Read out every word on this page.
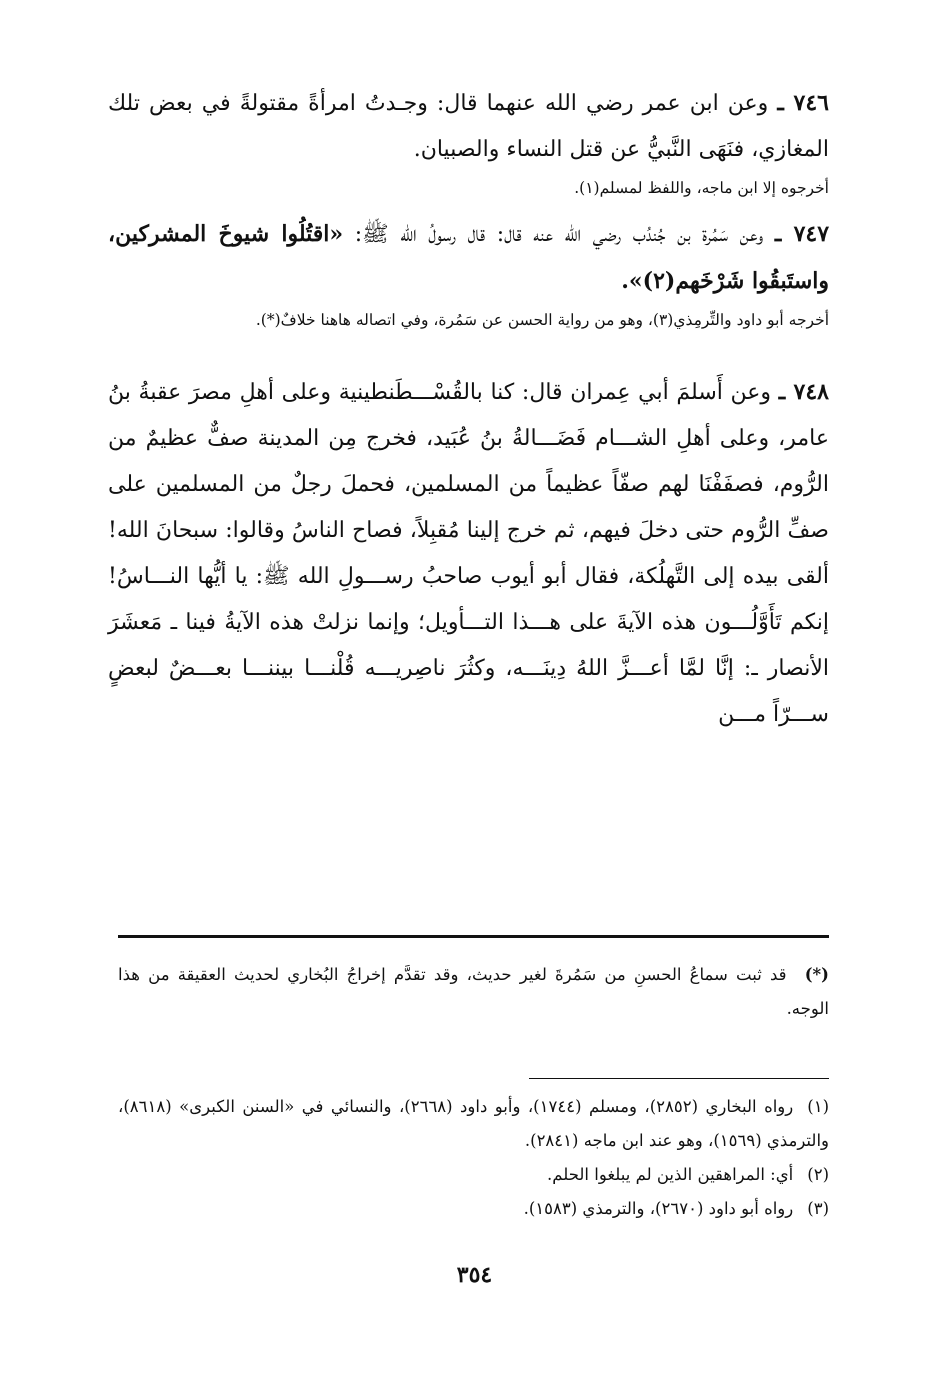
٧٤٦ ـ وعن ابن عمر رضي الله عنهما قال: وجـدتُ امرأةً مقتولةً في بعض تلك المغازي، فنَهَى النَّبيُّ عن قتل النساء والصبيان.

أخرجوه إلا ابن ماجه، واللفظ لمسلم(١).

٧٤٧ ـ وعن سَمُرة بن جُندُب رضي الله عنه قال: قال رسولُ الله ﷺ: «اقتُلُوا شيوخَ المشركين، واستَبقُوا شَرْخَهم(٢)».

أخرجه أبو داود والتِّرمِذي(٣)، وهو من رواية الحسن عن سَمُرة، وفي اتصاله هاهنا خلافٌ(*).

٧٤٨ ـ وعن أَسلمَ أبي عِمران قال: كنا بالقُسْـــطَنطينية وعلى أهلِ مصرَ عقبةُ بنُ عامر، وعلى أهلِ الشـــام فَضَـــالةُ بنُ عُبَيد، فخرج مِن المدينة صفٌّ عظيمٌ من الرُّوم، فصفَفْنَا لهم صفّاً عظيماً من المسلمين، فحملَ رجلٌ من المسلمين على صفِّ الرُّوم حتى دخلَ فيهم، ثم خرج إلينا مُقبِلاً، فصاح الناسُ وقالوا: سبحانَ الله! ألقى بيده إلى التَّهلُكة، فقال أبو أيوب صاحبُ رســـولِ الله ﷺ: يا أيُّها النـــاسُ! إنكم تَأَوَّلُـــون هذه الآيةَ على هـــذا التـــأويل؛ وإنما نزلتْ هذه الآيةُ فينا ـ مَعشَرَ الأنصار ـ: إنَّا لمَّا أعـــزَّ اللهُ دِينَـــه، وكثُرَ ناصِريـــه قُلْنـــا بيننـــا بعـــضٌ لبعضٍ ســـرّاً مـــن

(*) قد ثبت سماعُ الحسنِ من سَمُرةَ لغير حديث، وقد تقدَّم إخراجُ البُخاري لحديث العقيقة من هذا الوجه.

(١)رواه البخاري (٢٨٥٢)، ومسلم (١٧٤٤)، وأبو داود (٢٦٦٨)، والنسائي في «السنن الكبرى» (٨٦١٨)، والترمذي (١٥٦٩)، وهو عند ابن ماجه (٢٨٤١).

(٢)أي: المراهقين الذين لم يبلغوا الحلم.

(٣)رواه أبو داود (٢٦٧٠)، والترمذي (١٥٨٣).

٣٥٤
